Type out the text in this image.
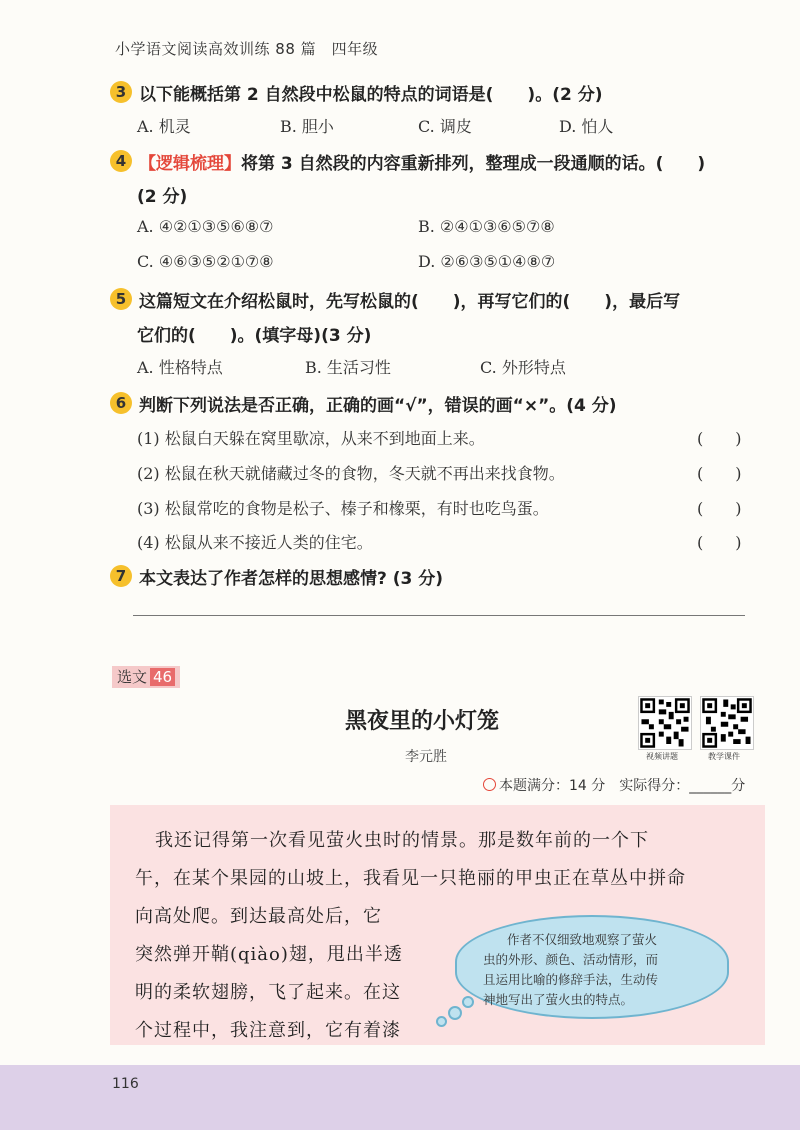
小学语文阅读高效训练 88 篇　四年级
3 以下能概括第 2 自然段中松鼠的特点的词语是(　　)。(2 分)
A. 机灵	B. 胆小	C. 调皮	D. 怕人
4 【逻辑梳理】将第 3 自然段的内容重新排列，整理成一段通顺的话。(　　)
(2 分)
A. ④②①③⑤⑥⑧⑦	B. ②④①③⑥⑤⑦⑧
C. ④⑥③⑤②①⑦⑧	D. ②⑥③⑤①④⑧⑦
5 这篇短文在介绍松鼠时，先写松鼠的(　　)，再写它们的(　　)，最后写
它们的(　　)。(填字母)(3 分)
A. 性格特点	B. 生活习性	C. 外形特点
6 判断下列说法是否正确，正确的画“√”，错误的画“×”。(4 分)
(1) 松鼠白天躲在窝里歇凉，从来不到地面上来。	(　　)
(2) 松鼠在秋天就储藏过冬的食物，冬天就不再出来找食物。	(　　)
(3) 松鼠常吃的食物是松子、榛子和橡栗，有时也吃鸟蛋。	(　　)
(4) 松鼠从来不接近人类的住宅。	(　　)
7 本文表达了作者怎样的思想感情? (3 分)
选文 46
黑夜里的小灯笼
李元胜	视频讲题	教学课件
本题满分：14 分　实际得分：______分
我还记得第一次看见萤火虫时的情景。那是数年前的一个下
午，在某个果园的山坡上，我看见一只艳丽的甲虫正在草丛中拼命
向高处爬。到达最高处后，它
突然弹开鞘(qiào)翅，甩出半透
明的柔软翅膀，飞了起来。在这
个过程中，我注意到，它有着漆
作者不仅细致地观察了萤火
虫的外形、颜色、活动情形，而
且运用比喻的修辞手法，生动传
神地写出了萤火虫的特点。
116
